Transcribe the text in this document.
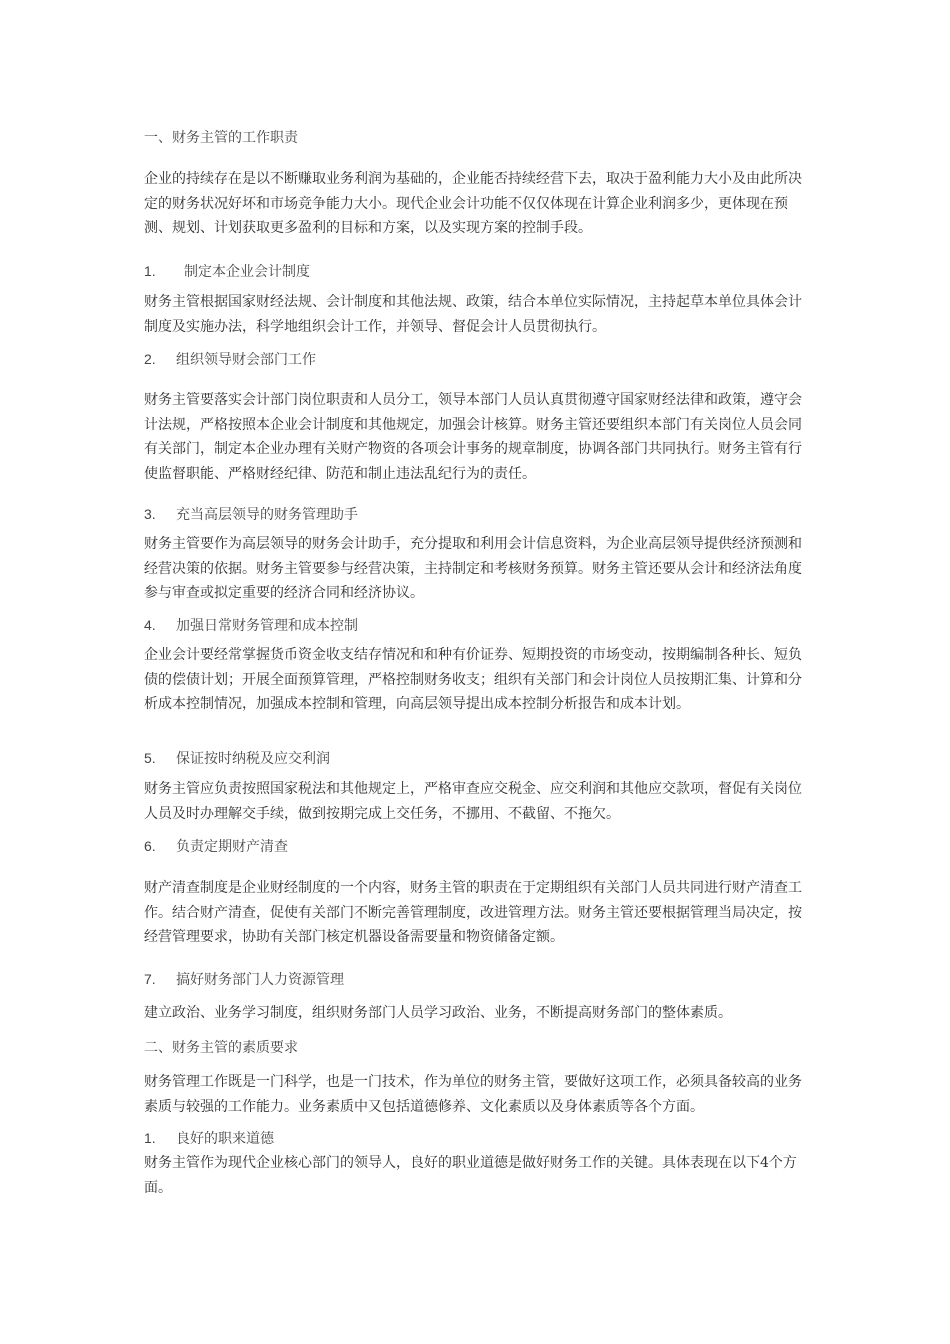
一、财务主管的工作职责
企业的持续存在是以不断赚取业务利润为基础的，企业能否持续经营下去，取决于盈利能力大小及由此所决定的财务状况好坏和市场竞争能力大小。现代企业会计功能不仅仅体现在计算企业利润多少，更体现在预测、规划、计划获取更多盈利的目标和方案，以及实现方案的控制手段。
1. 制定本企业会计制度
财务主管根据国家财经法规、会计制度和其他法规、政策，结合本单位实际情况，主持起草本单位具体会计制度及实施办法，科学地组织会计工作，并领导、督促会计人员贯彻执行。
2. 组织领导财会部门工作
财务主管要落实会计部门岗位职责和人员分工，领导本部门人员认真贯彻遵守国家财经法律和政策，遵守会计法规，严格按照本企业会计制度和其他规定，加强会计核算。财务主管还要组织本部门有关岗位人员会同有关部门，制定本企业办理有关财产物资的各项会计事务的规章制度，协调各部门共同执行。财务主管有行使监督职能、严格财经纪律、防范和制止违法乱纪行为的责任。
3. 充当高层领导的财务管理助手
财务主管要作为高层领导的财务会计助手，充分提取和利用会计信息资料，为企业高层领导提供经济预测和经营决策的依据。财务主管要参与经营决策，主持制定和考核财务预算。财务主管还要从会计和经济法角度参与审查或拟定重要的经济合同和经济协议。
4. 加强日常财务管理和成本控制
企业会计要经常掌握货币资金收支结存情况和和种有价证券、短期投资的市场变动，按期编制各种长、短负债的偿债计划；开展全面预算管理，严格控制财务收支；组织有关部门和会计岗位人员按期汇集、计算和分析成本控制情况，加强成本控制和管理，向高层领导提出成本控制分析报告和成本计划。
5. 保证按时纳税及应交利润
财务主管应负责按照国家税法和其他规定上，严格审查应交税金、应交利润和其他应交款项，督促有关岗位人员及时办理解交手续，做到按期完成上交任务，不挪用、不截留、不拖欠。
6. 负责定期财产清查
财产清查制度是企业财经制度的一个内容，财务主管的职责在于定期组织有关部门人员共同进行财产清查工作。结合财产清查，促使有关部门不断完善管理制度，改进管理方法。财务主管还要根据管理当局决定，按经营管理要求，协助有关部门核定机器设备需要量和物资储备定额。
7. 搞好财务部门人力资源管理
建立政治、业务学习制度，组织财务部门人员学习政治、业务，不断提高财务部门的整体素质。
二、财务主管的素质要求
财务管理工作既是一门科学，也是一门技术，作为单位的财务主管，要做好这项工作，必须具备较高的业务素质与较强的工作能力。业务素质中又包括道德修养、文化素质以及身体素质等各个方面。
1. 良好的职来道德
财务主管作为现代企业核心部门的领导人，良好的职业道德是做好财务工作的关键。具体表现在以下4个方面。
